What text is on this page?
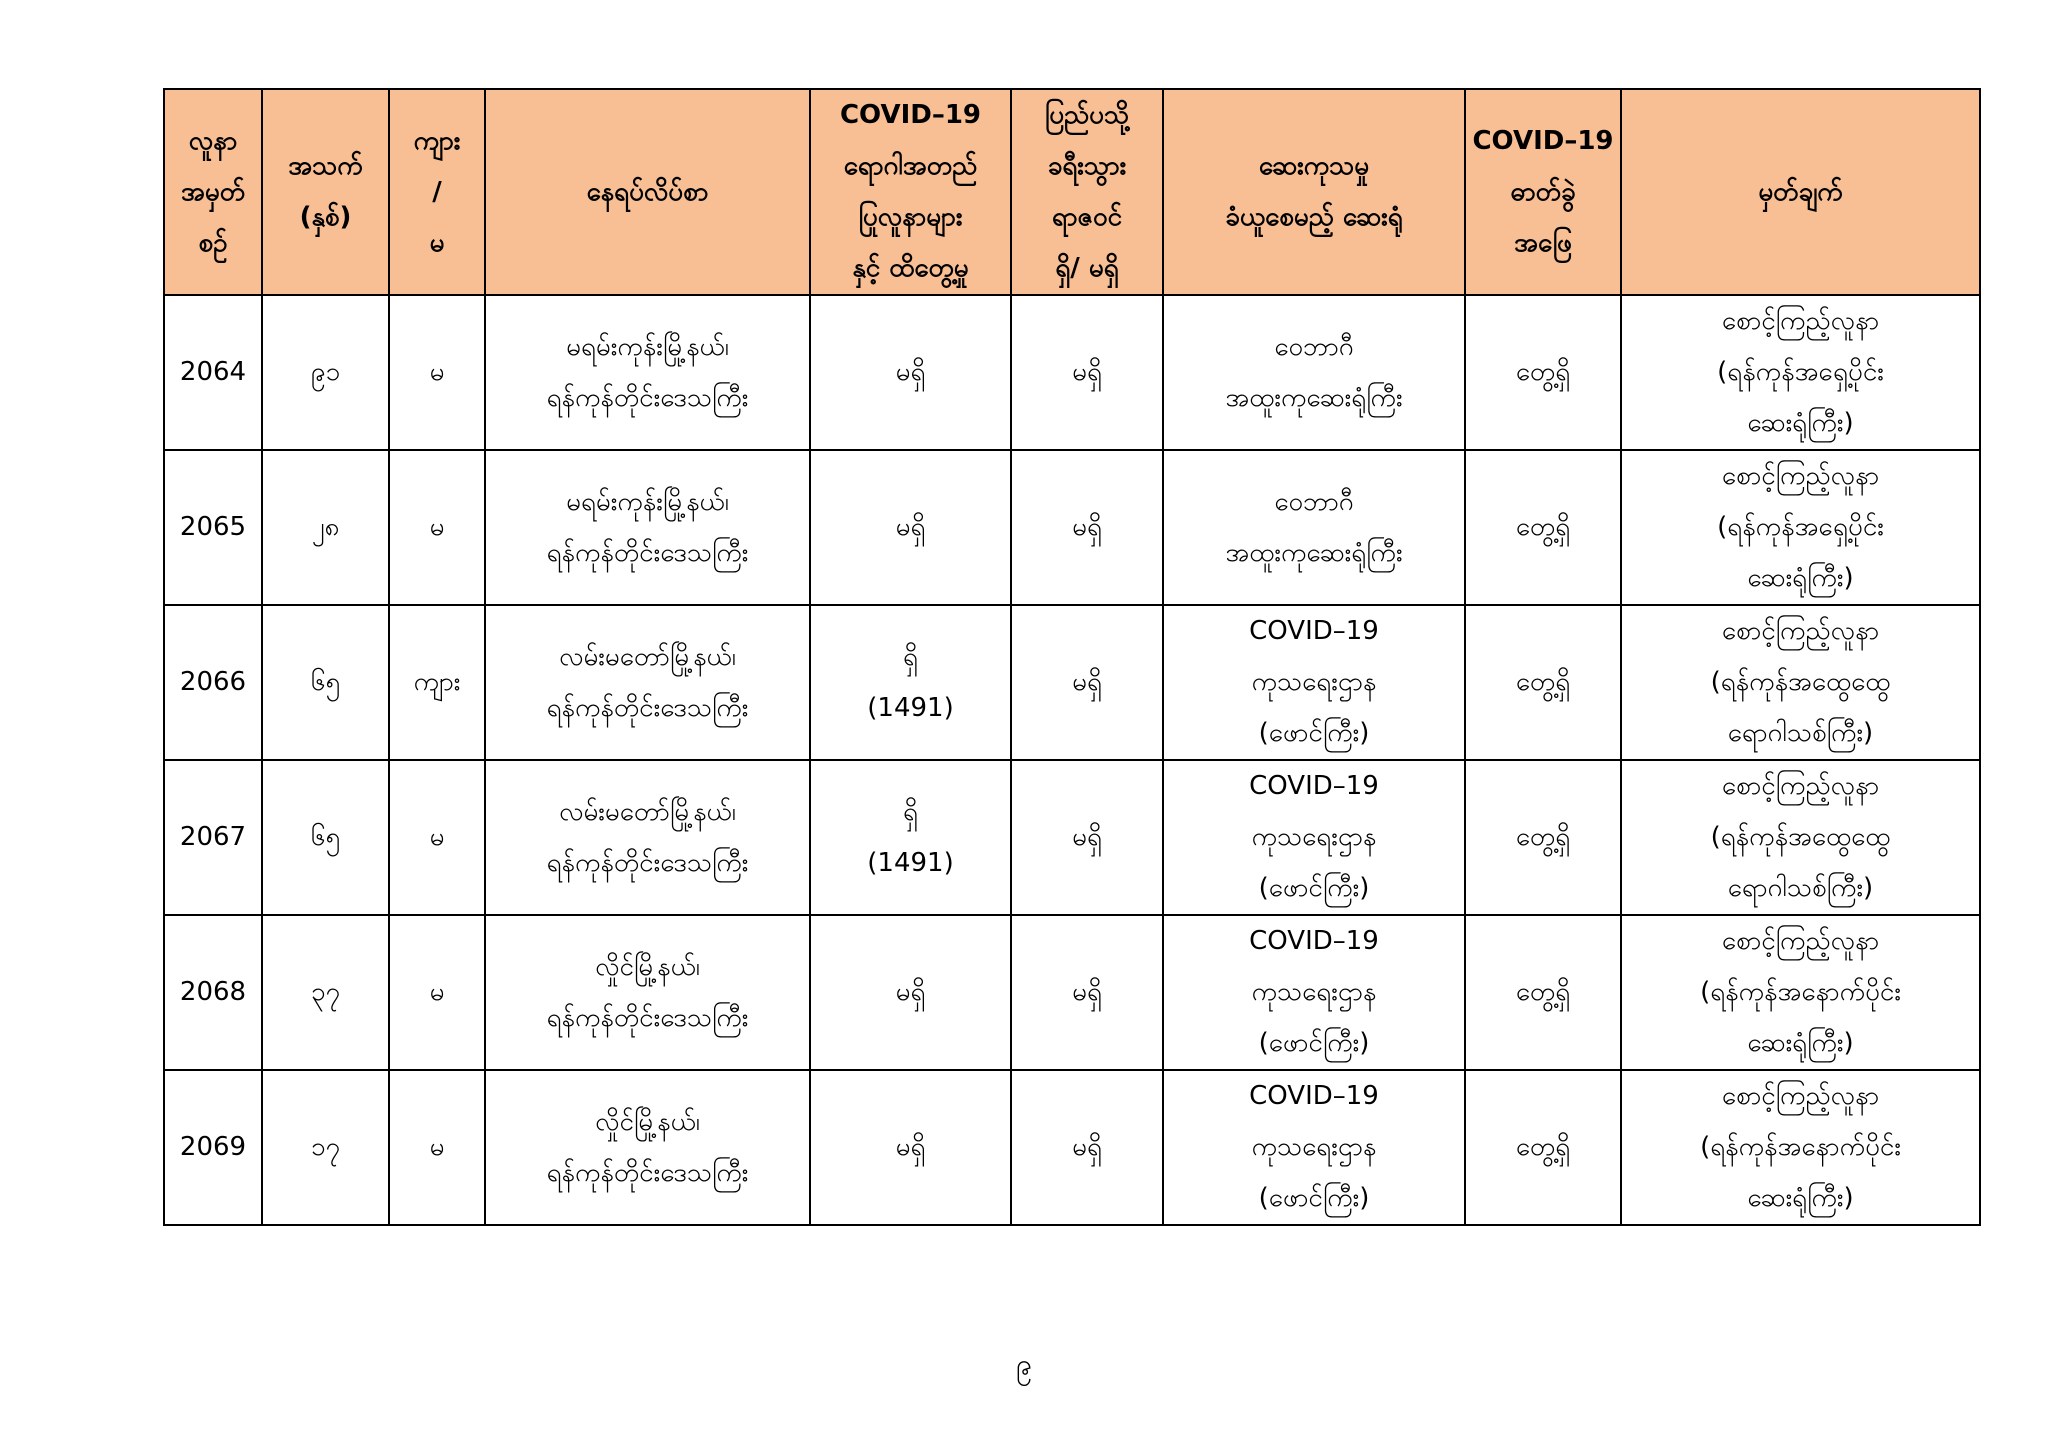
လူနာ
အမှတ်
စဉ်	အသက်
(နှစ်)	ကျား
/
မ	နေရပ်လိပ်စာ	COVID–19
ရောဂါအတည်
ပြုလူနာများ
နှင့် ထိတွေ့မှု	ပြည်ပသို့
ခရီးသွား
ရာဇဝင်
ရှိ/ မရှိ	ဆေးကုသမှု
ခံယူစေမည့် ဆေးရုံ	COVID–19
ဓာတ်ခွဲ
အဖြေ	မှတ်ချက်

2064	၉၁	မ	မရမ်းကုန်းမြို့နယ်၊
ရန်ကုန်တိုင်းဒေသကြီး	မရှိ	မရှိ	ဝေဘာဂီ
အထူးကုဆေးရုံကြီး	တွေ့ရှိ	စောင့်ကြည့်လူနာ
(ရန်ကုန်အရှေ့ပိုင်း
ဆေးရုံကြီး)

2065	၂၈	မ	မရမ်းကုန်းမြို့နယ်၊
ရန်ကုန်တိုင်းဒေသကြီး	မရှိ	မရှိ	ဝေဘာဂီ
အထူးကုဆေးရုံကြီး	တွေ့ရှိ	စောင့်ကြည့်လူနာ
(ရန်ကုန်အရှေ့ပိုင်း
ဆေးရုံကြီး)

2066	၆၅	ကျား	လမ်းမတော်မြို့နယ်၊
ရန်ကုန်တိုင်းဒေသကြီး	ရှိ
(1491)	မရှိ	COVID–19
ကုသရေးဌာန
(ဖောင်ကြီး)	တွေ့ရှိ	စောင့်ကြည့်လူနာ
(ရန်ကုန်အထွေထွေ
ရောဂါသစ်ကြီး)

2067	၆၅	မ	လမ်းမတော်မြို့နယ်၊
ရန်ကုန်တိုင်းဒေသကြီး	ရှိ
(1491)	မရှိ	COVID–19
ကုသရေးဌာန
(ဖောင်ကြီး)	တွေ့ရှိ	စောင့်ကြည့်လူနာ
(ရန်ကုန်အထွေထွေ
ရောဂါသစ်ကြီး)

2068	၃၇	မ	လှိုင်မြို့နယ်၊
ရန်ကုန်တိုင်းဒေသကြီး	မရှိ	မရှိ	COVID–19
ကုသရေးဌာန
(ဖောင်ကြီး)	တွေ့ရှိ	စောင့်ကြည့်လူနာ
(ရန်ကုန်အနောက်ပိုင်း
ဆေးရုံကြီး)

2069	၁၇	မ	လှိုင်မြို့နယ်၊
ရန်ကုန်တိုင်းဒေသကြီး	မရှိ	မရှိ	COVID–19
ကုသရေးဌာန
(ဖောင်ကြီး)	တွေ့ရှိ	စောင့်ကြည့်လူနာ
(ရန်ကုန်အနောက်ပိုင်း
ဆေးရုံကြီး)
၉
